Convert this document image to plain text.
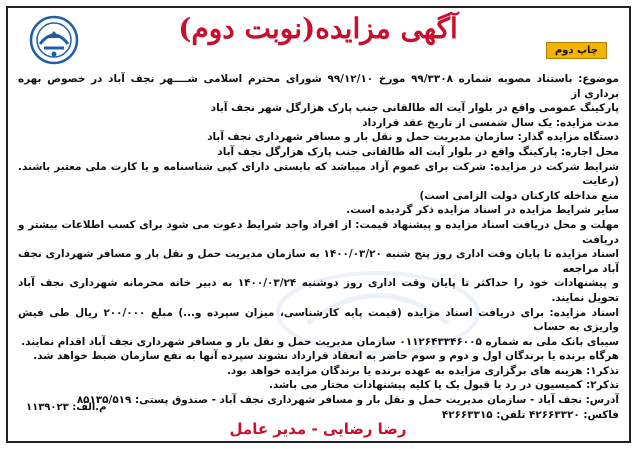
آگهی مزایده(نوبت دوم)
چاپ دوم

موضوع: باستناد مصوبه شماره ۹۹/۳۳۰۸ مورخ ۹۹/۱۲/۱۰ شورای محترم اسلامی شــــهر نجف آباد در خصوص بهره برداری از

پارکینگ عمومی واقع در بلوار آیت اله طالقانی جنب پارک هزارگل شهر نجف آباد

مدت مزایده: یک سال شمسی از تاریخ عقد قرارداد

دستگاه مزایده گذار: سازمان مدیریت حمل و نقل بار و مسافر شهرداری نجف آباد

محل اجاره: پارکینگ واقع در بلوار آیت اله طالقانی جنب پارک هزارگل نجف آباد

شرایط شرکت در مزایده: شرکت برای عموم آزاد میباشد که بایستی دارای کپی شناسنامه و یا کارت ملی معتبر باشند. (رعایت

منع مداخله کارکنان دولت الزامی است)

سایر شرایط مزایده در اسناد مزایده ذکر گردیده است.

مهلت و محل دریافت اسناد مزایده و پیشنهاد قیمت: از افراد واجد شرایط دعوت می شود برای کسب اطلاعات بیشتر و دریافت

اسناد مزایده تا پایان وقت اداری روز پنج شنبه ۱۴۰۰/۰۳/۲۰ به سازمان مدیریت حمل و نقل بار و مسافر شهرداری نجف آباد مراجعه

و پیشنهادات خود را حداکثر تا پایان وقت اداری روز دوشنبه ۱۴۰۰/۰۳/۲۴ به دبیر خانه محرمانه شهرداری نجف آباد تحویل نمایند.

اسناد مزایده: برای دریافت اسناد مزایده (قیمت پایه کارشناسی، میزان سپرده و...) مبلغ ۲۰۰/۰۰۰ ریال طی فیش واریزی به حساب

سیبای بانک ملی به شماره ۰۱۱۲۶۴۳۳۴۶۰۰۵ سازمان مدیریت حمل و نقل بار و مسافر شهرداری نجف آباد اقدام نمایند.

هرگاه برنده یا برندگان اول و دوم و سوم حاضر به انعقاد قرارداد نشوند سپرده آنها به نفع سازمان ضبط خواهد شد.

تذکر۱: هزینه های برگزاری مزایده به عهده برنده یا برندگان مزایده خواهد بود.

تذکر۲: کمیسیون در رد یا قبول یک یا کلیه پیشنهادات مختار می باشد.

آدرس: نجف آباد - سازمان مدیریت حمل و نقل بار و مسافر شهرداری نجف آباد - صندوق پستی: ۸۵۱۳۵/۵۱۹

فاکس: ۴۲۶۶۳۳۲۰ تلفن: ۴۲۶۶۳۳۱۵

م.الف: ۱۱۳۹۰۲۳
رضا رضایی - مدیر عامل
